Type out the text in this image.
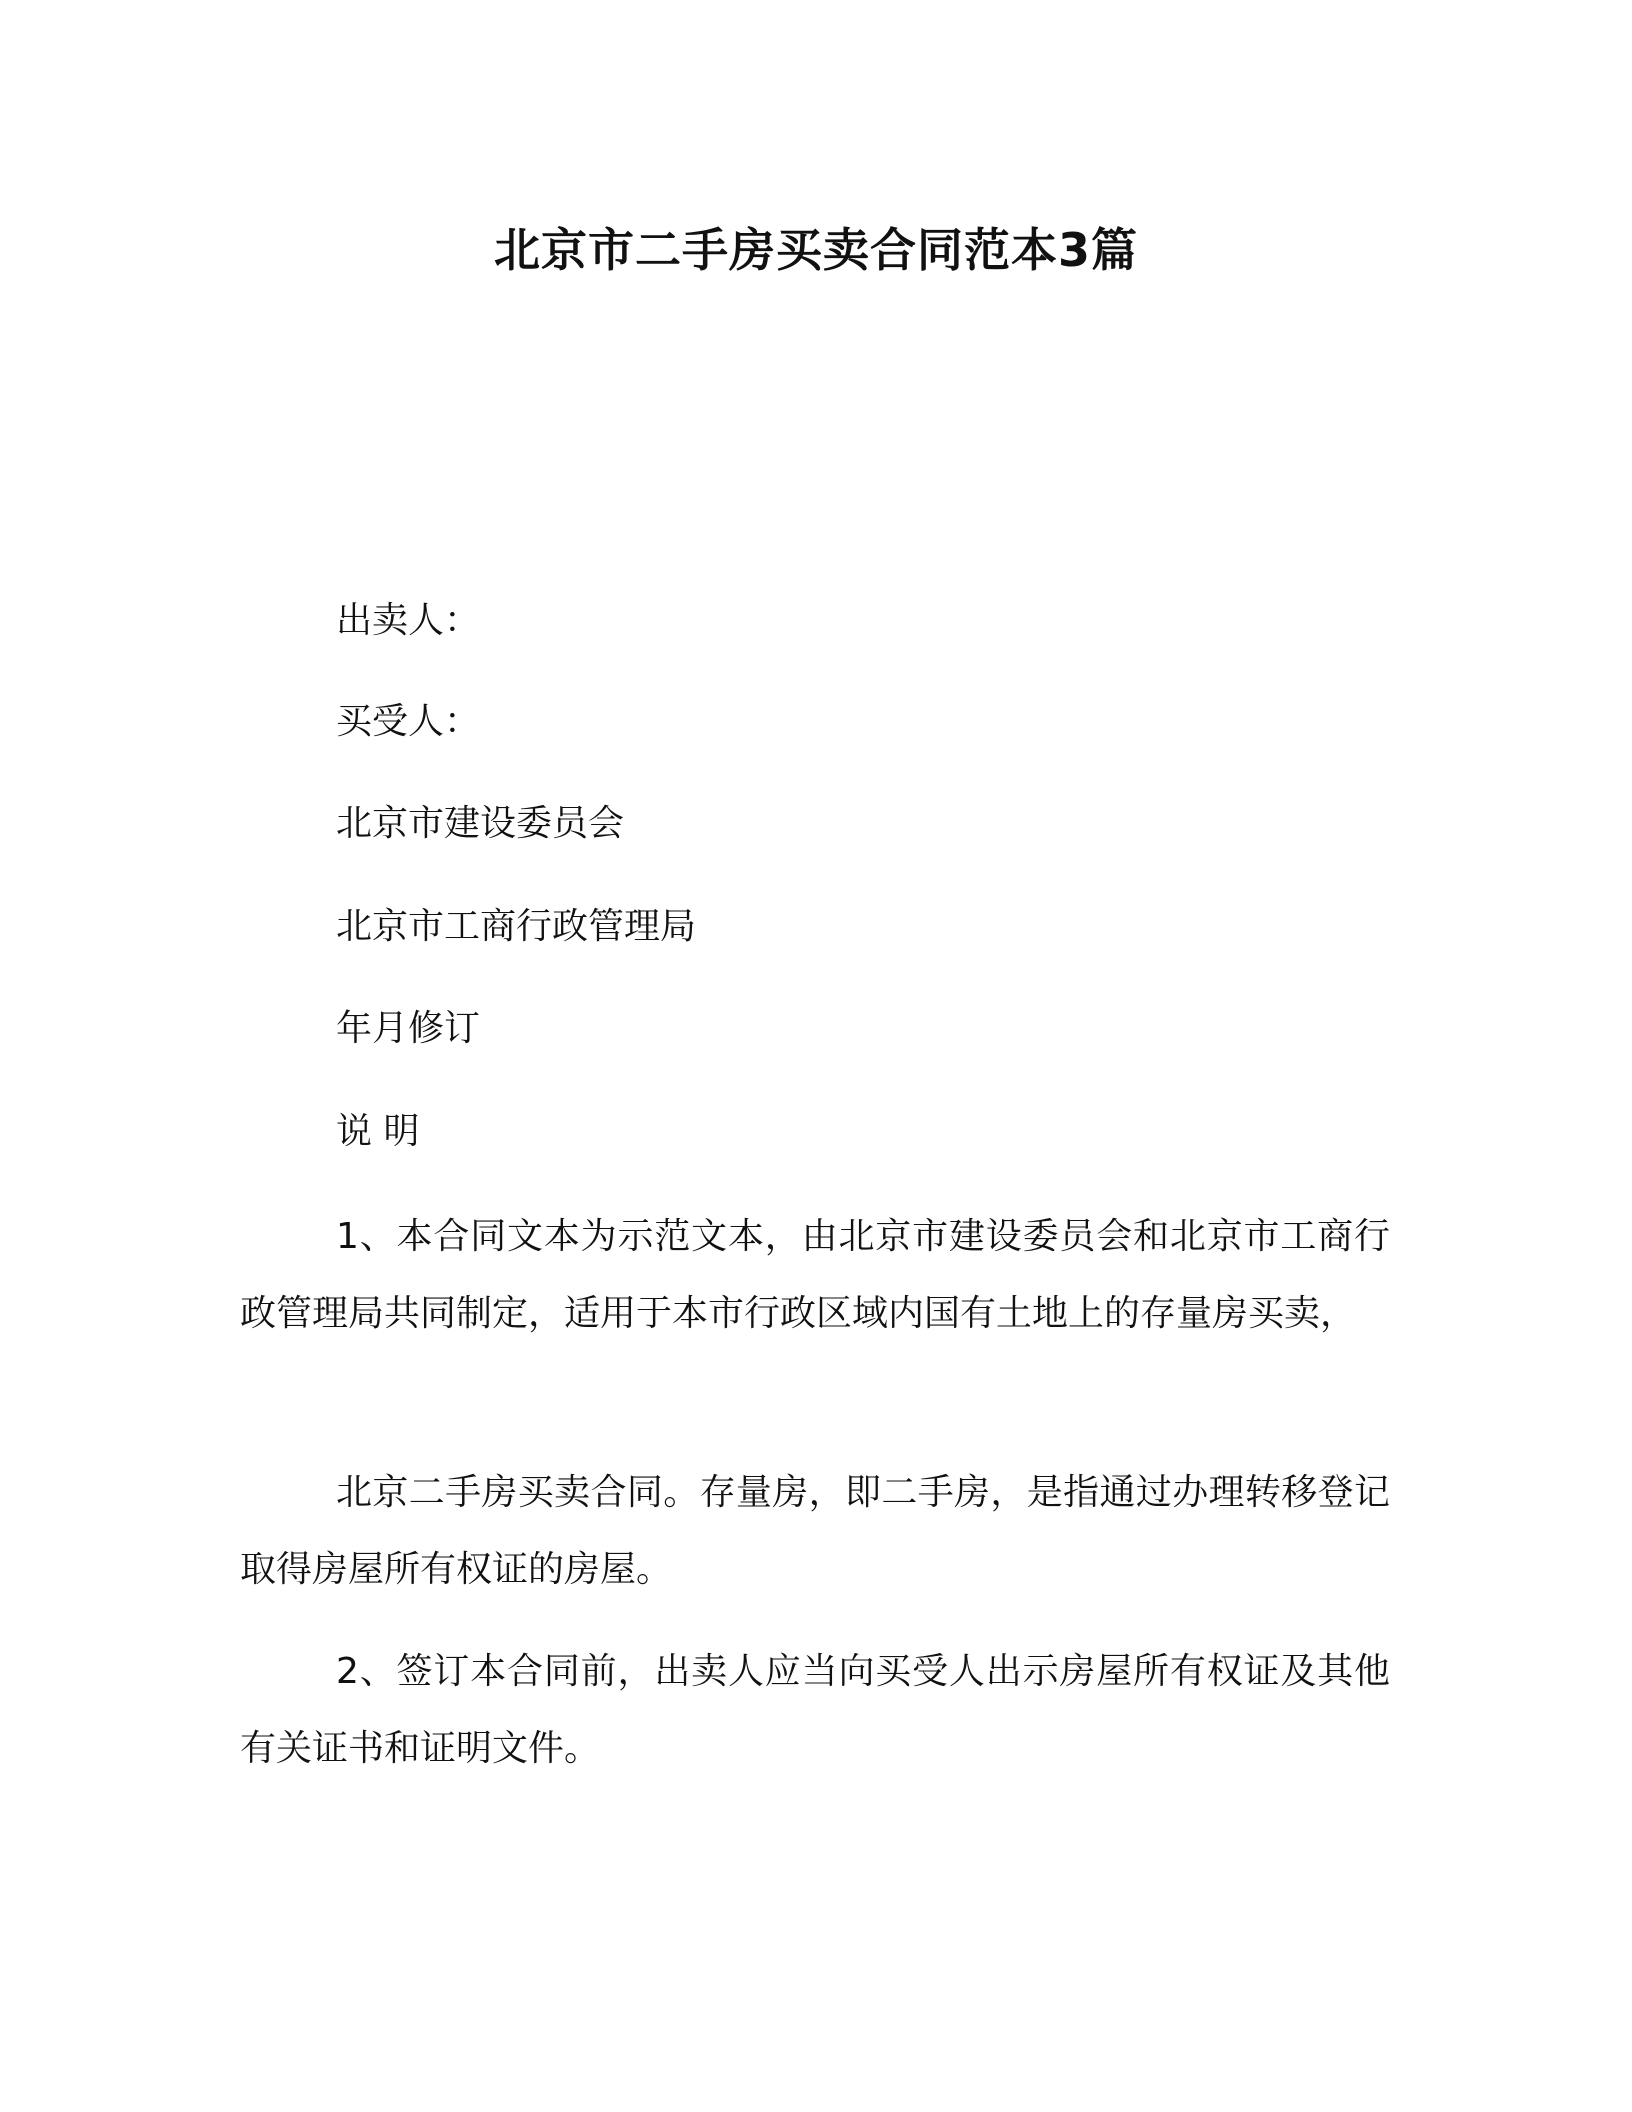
北京市二手房买卖合同范本3篇
出卖人：
买受人：
北京市建设委员会
北京市工商行政管理局
年月修订
说 明
1、本合同文本为示范文本，由北京市建设委员会和北京市工商行政管理局共同制定，适用于本市行政区域内国有土地上的存量房买卖，
北京二手房买卖合同。存量房，即二手房，是指通过办理转移登记取得房屋所有权证的房屋。
2、签订本合同前，出卖人应当向买受人出示房屋所有权证及其他有关证书和证明文件。
